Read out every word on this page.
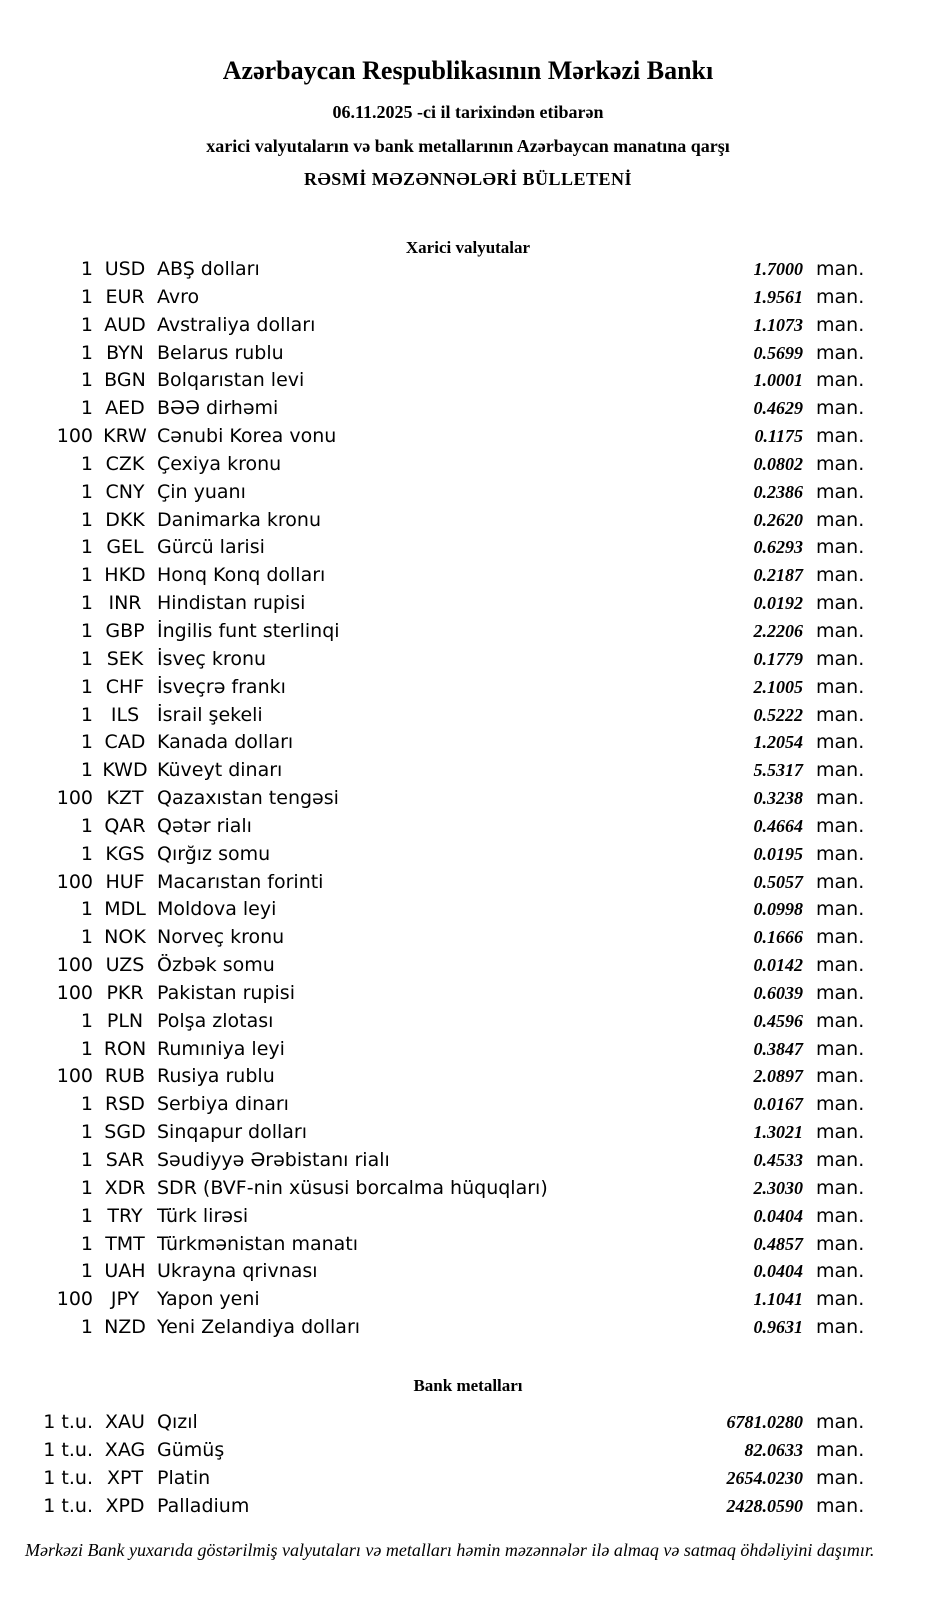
Azərbaycan Respublikasının Mərkəzi Bankı
06.11.2025 -ci il tarixindən etibarən
xarici valyutaların və bank metallarının Azərbaycan manatına qarşı
RƏSMİ MƏZƏNNƏLƏRİ BÜLLETENİ
Xarici valyutalar
1 USD ABŞ dolları	1.7000 man.
1 EUR Avro	1.9561 man.
1 AUD Avstraliya dolları	1.1073 man.
1 BYN Belarus rublu	0.5699 man.
1 BGN Bolqarıstan levi	1.0001 man.
1 AED BƏƏ dirhəmi	0.4629 man.
100 KRW Cənubi Korea vonu	0.1175 man.
1 CZK Çexiya kronu	0.0802 man.
1 CNY Çin yuanı	0.2386 man.
1 DKK Danimarka kronu	0.2620 man.
1 GEL Gürcü larisi	0.6293 man.
1 HKD Honq Konq dolları	0.2187 man.
1 INR Hindistan rupisi	0.0192 man.
1 GBP İngilis funt sterlinqi	2.2206 man.
1 SEK İsveç kronu	0.1779 man.
1 CHF İsveçrə frankı	2.1005 man.
1 ILS İsrail şekeli	0.5222 man.
1 CAD Kanada dolları	1.2054 man.
1 KWD Küveyt dinarı	5.5317 man.
100 KZT Qazaxıstan tengəsi	0.3238 man.
1 QAR Qətər rialı	0.4664 man.
1 KGS Qırğız somu	0.0195 man.
100 HUF Macarıstan forinti	0.5057 man.
1 MDL Moldova leyi	0.0998 man.
1 NOK Norveç kronu	0.1666 man.
100 UZS Özbək somu	0.0142 man.
100 PKR Pakistan rupisi	0.6039 man.
1 PLN Polşa zlotası	0.4596 man.
1 RON Rumıniya leyi	0.3847 man.
100 RUB Rusiya rublu	2.0897 man.
1 RSD Serbiya dinarı	0.0167 man.
1 SGD Sinqapur dolları	1.3021 man.
1 SAR Səudiyyə Ərəbistanı rialı	0.4533 man.
1 XDR SDR (BVF-nin xüsusi borcalma hüquqları)	2.3030 man.
1 TRY Türk lirəsi	0.0404 man.
1 TMT Türkmənistan manatı	0.4857 man.
1 UAH Ukrayna qrivnası	0.0404 man.
100 JPY Yapon yeni	1.1041 man.
1 NZD Yeni Zelandiya dolları	0.9631 man.
Bank metalları
1 t.u. XAU Qızıl	6781.0280 man.
1 t.u. XAG Gümüş	82.0633 man.
1 t.u. XPT Platin	2654.0230 man.
1 t.u. XPD Palladium	2428.0590 man.
Mərkəzi Bank yuxarıda göstərilmiş valyutaları və metalları həmin məzənnələr ilə almaq və satmaq öhdəliyini daşımır.
